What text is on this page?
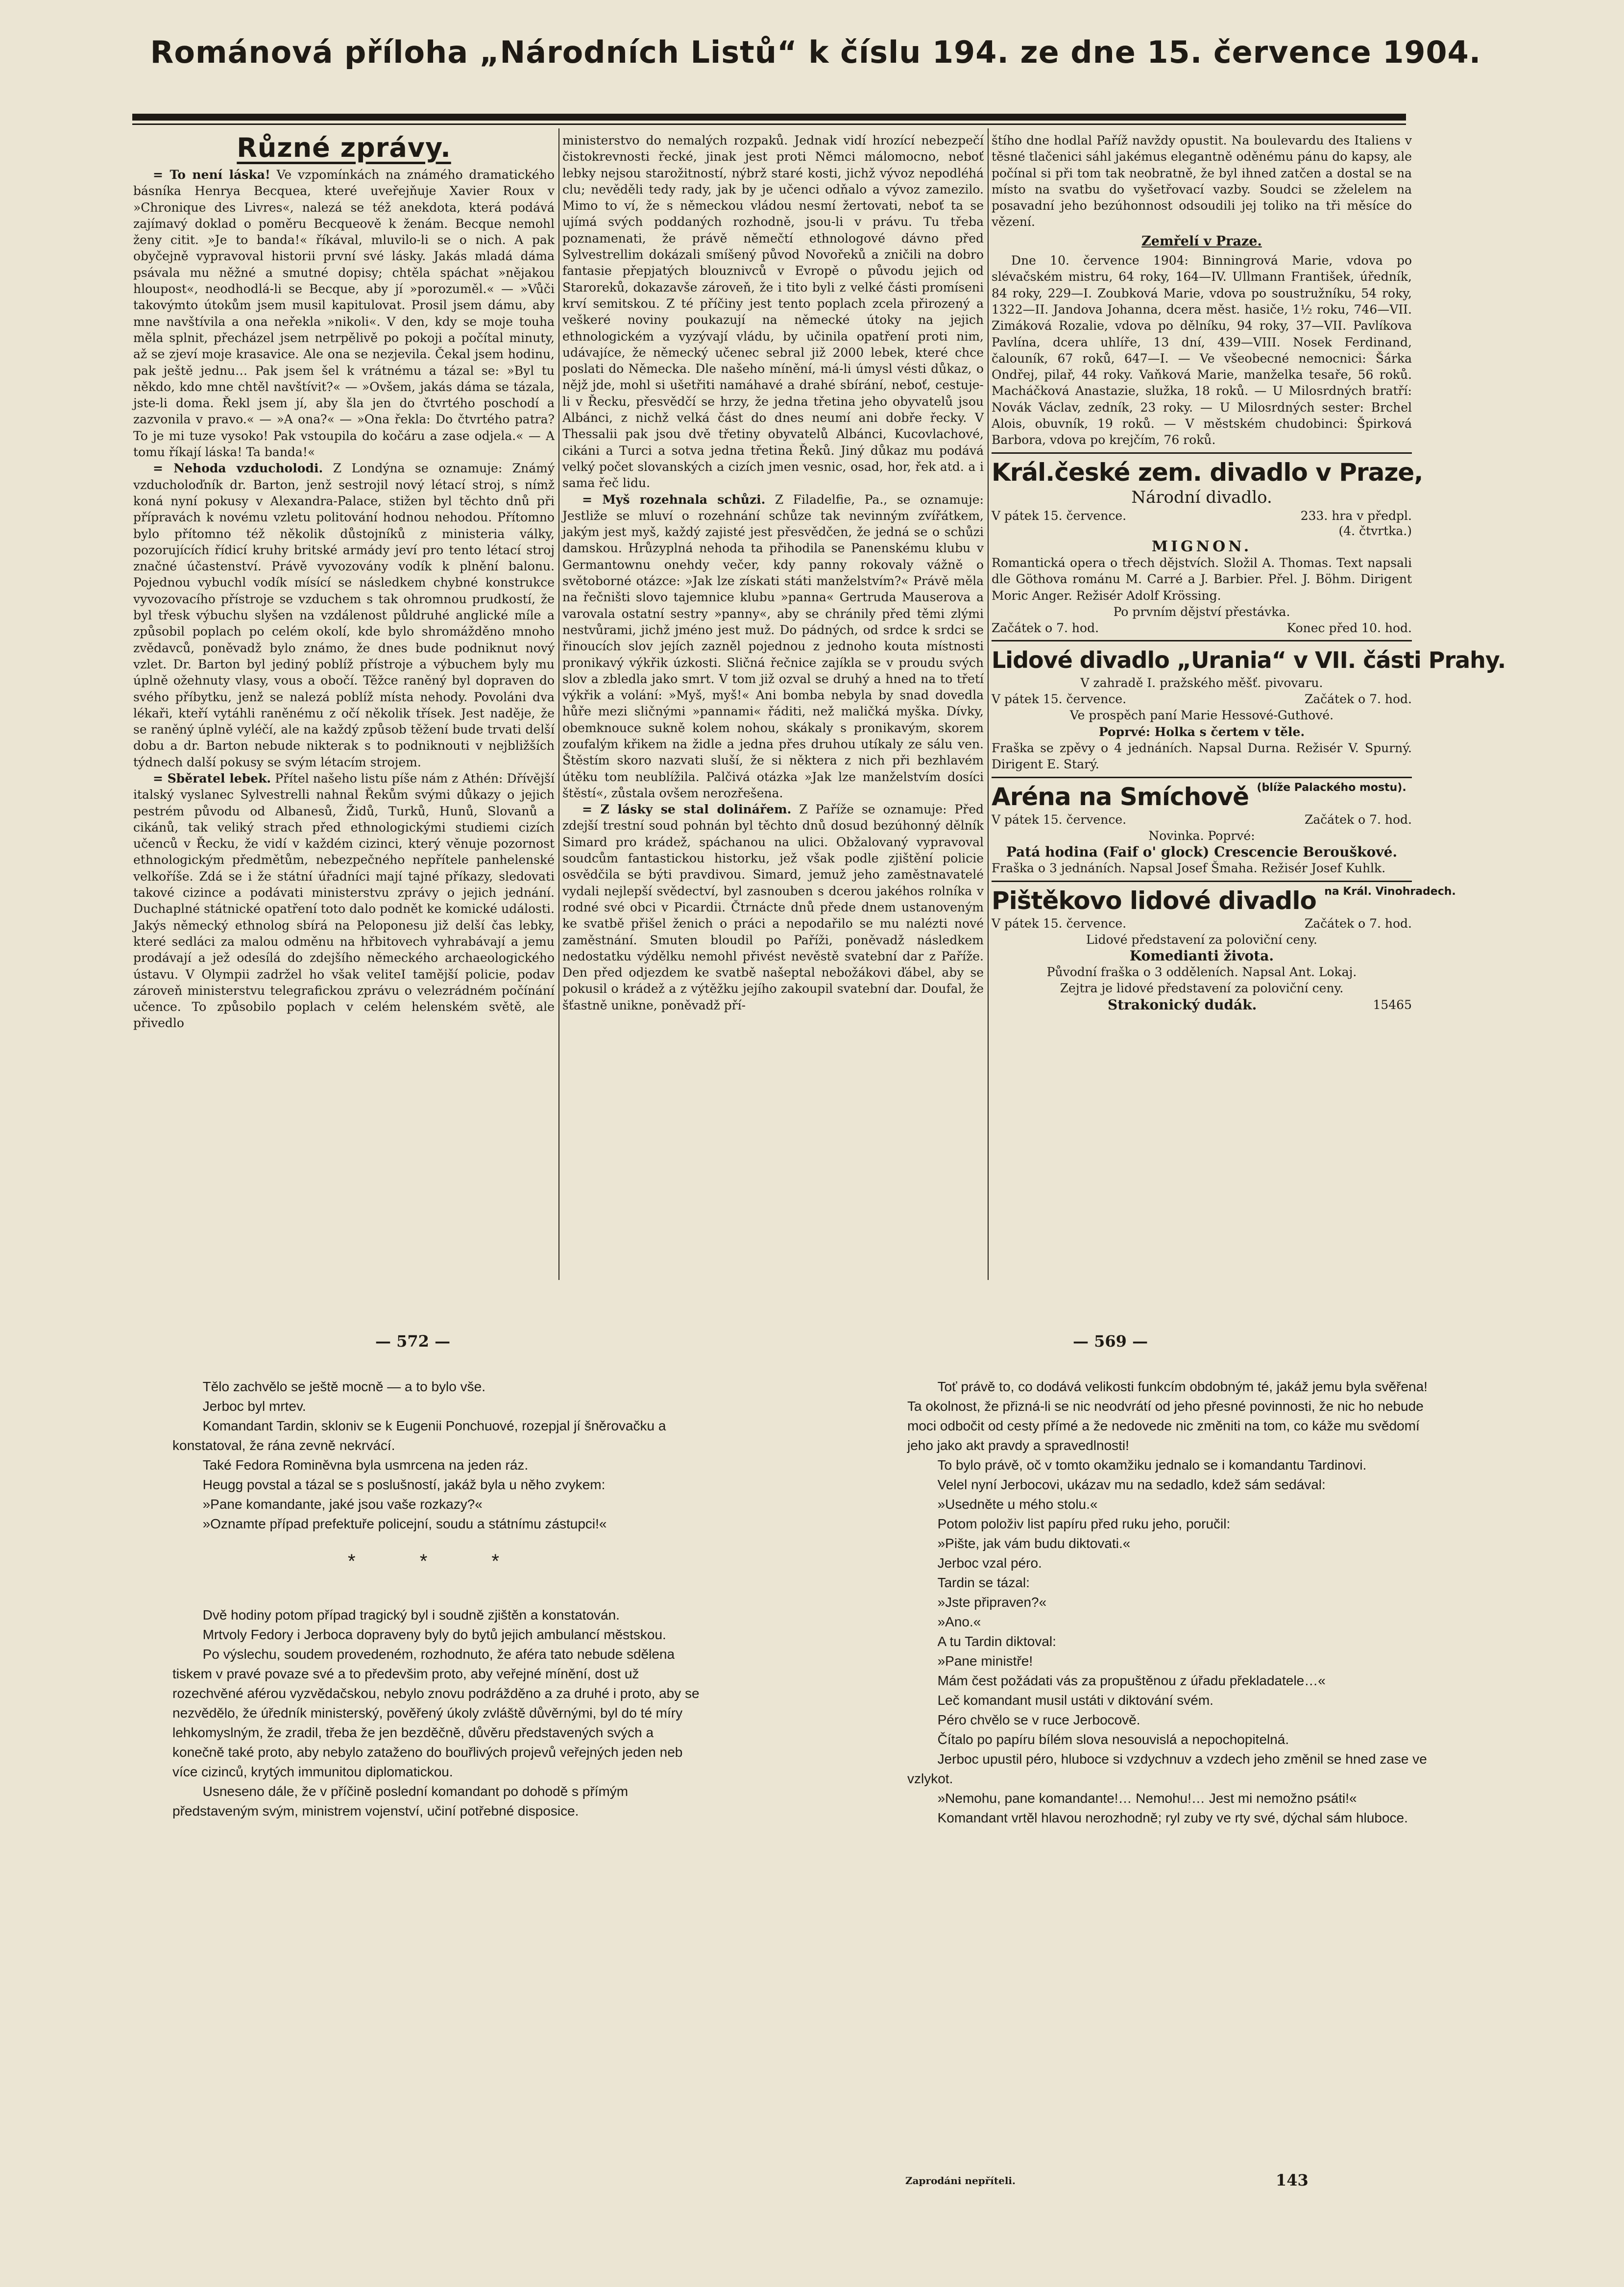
Románová příloha „Národních Listů“ k číslu 194. ze dne 15. července 1904.
Různé zprávy.

= To není láska! Ve vzpomínkách na známého dramatického básníka Henrya Becquea, které uveřejňuje Xavier Roux v »Chronique des Livres«, nalezá se též anekdota, která podává zajímavý doklad o poměru Becqueově k ženám. Becque nemohl ženy citit. »Je to banda!« říkával, mluvilo-li se o nich. A pak obyčejně vypravoval historii první své lásky. Jakás mladá dáma psávala mu něžné a smutné dopisy; chtěla spáchat »nějakou hloupost«, neodhodlá-li se Becque, aby jí »porozuměl.« — »Vůči takovýmto útokům jsem musil kapitulovat. Prosil jsem dámu, aby mne navštívila a ona neřekla »nikoli«. V den, kdy se moje touha měla splnit, přecházel jsem netrpělivě po pokoji a počítal minuty, až se zjeví moje krasavice. Ale ona se nezjevila. Čekal jsem hodinu, pak ještě jednu… Pak jsem šel k vrátnému a tázal se: »Byl tu někdo, kdo mne chtěl navštívit?« — »Ovšem, jakás dáma se tázala, jste-li doma. Řekl jsem jí, aby šla jen do čtvrtého poschodí a zazvonila v pravo.« — »A ona?« — »Ona řekla: Do čtvrtého patra? To je mi tuze vysoko! Pak vstoupila do kočáru a zase odjela.« — A tomu říkají láska! Ta banda!«

= Nehoda vzducholodi. Z Londýna se oznamuje: Známý vzducholoďník dr. Barton, jenž sestrojil nový létací stroj, s nímž koná nyní pokusy v Alexandra-Palace, stižen byl těchto dnů při přípravách k novému vzletu politování hodnou nehodou. Přítomno bylo přítomno též několik důstojníků z ministeria války, pozorujících řídicí kruhy britské armády jeví pro tento létací stroj značné účastenství. Právě vyvozovány vodík k plnění balonu. Pojednou vybuchl vodík mísící se následkem chybné konstrukce vyvozovacího přístroje se vzduchem s tak ohromnou prudkostí, že byl třesk výbuchu slyšen na vzdálenost půldruhé anglické míle a způsobil poplach po celém okolí, kde bylo shromážděno mnoho zvědavců, poněvadž bylo známo, že dnes bude podniknut nový vzlet. Dr. Barton byl jediný poblíž přístroje a výbuchem byly mu úplně ožehnuty vlasy, vous a obočí. Těžce raněný byl dopraven do svého příbytku, jenž se nalezá poblíž místa nehody. Povoláni dva lékaři, kteří vytáhli raněnému z očí několik třísek. Jest naděje, že se raněný úplně vyléčí, ale na každý způsob těžení bude trvati delší dobu a dr. Barton nebude nikterak s to podniknouti v nejbližších týdnech další pokusy se svým létacím strojem.

= Sběratel lebek. Přítel našeho listu píše nám z Athén: Dřívější italský vyslanec Sylvestrelli nahnal Řekům svými důkazy o jejich pestrém původu od Albanesů, Židů, Turků, Hunů, Slovanů a cikánů, tak veliký strach před ethnologickými studiemi cizích učenců v Řecku, že vidí v každém cizinci, který věnuje pozornost ethnologickým předmětům, nebezpečného nepřítele panhelenské velkoříše. Zdá se i že státní úřadníci mají tajné příkazy, sledovati takové cizince a podávati ministerstvu zprávy o jejich jednání. Duchaplné státnické opatření toto dalo podnět ke komické události. Jakýs německý ethnolog sbírá na Peloponesu již delší čas lebky, které sedláci za malou odměnu na hřbitovech vyhrabávají a jemu prodávají a jež odesílá do zdejšího německého archaeologického ústavu. V Olympii zadržel ho však veliteI tamější policie, podav zároveň ministerstvu telegrafickou zprávu o velezrádném počínání učence. To způsobilo poplach v celém helenském světě, ale přivedlo

ministerstvo do nemalých rozpaků. Jednak vidí hrozící nebezpečí čistokrevnosti řecké, jinak jest proti Němci málomocno, neboť lebky nejsou starožitností, nýbrž staré kosti, jichž vývoz nepodléhá clu; nevěděli tedy rady, jak by je učenci odňalo a vývoz zamezilo. Mimo to ví, že s německou vládou nesmí žertovati, neboť ta se ujímá svých poddaných rozhodně, jsou-li v právu. Tu třeba poznamenati, že právě němečtí ethnologové dávno před Sylvestrellim dokázali smíšený původ Novořeků a zničili na dobro fantasie přepjatých blouznivců v Evropě o původu jejich od Staroreků, dokazavše zároveň, že i tito byli z velké části promíseni krví semitskou. Z té příčiny jest tento poplach zcela přirozený a veškeré noviny poukazují na německé útoky na jejich ethnologickém a vyzývají vládu, by učinila opatření proti nim, udávajíce, že německý učenec sebral již 2000 lebek, které chce poslati do Německa. Dle našeho mínění, má-li úmysl vésti důkaz, o nějž jde, mohl si ušetřiti namáhavé a drahé sbírání, neboť, cestuje-li v Řecku, přesvědčí se hrzy, že jedna třetina jeho obyvatelů jsou Albánci, z nichž velká část do dnes neumí ani dobře řecky. V Thessalii pak jsou dvě třetiny obyvatelů Albánci, Kucovlachové, cikáni a Turci a sotva jedna třetina Řeků. Jiný důkaz mu podává velký počet slovanských a cizích jmen vesnic, osad, hor, řek atd. a i sama řeč lidu.

= Myš rozehnala schůzi. Z Filadelfie, Pa., se oznamuje: Jestliže se mluví o rozehnání schůze tak nevinným zvířátkem, jakým jest myš, každý zajisté jest přesvědčen, že jedná se o schůzi damskou. Hrůzyplná nehoda ta přihodila se Panenskému klubu v Germantownu onehdy večer, kdy panny rokovaly vážně o světoborné otázce: »Jak lze získati státi manželstvím?« Právě měla na řečništi slovo tajemnice klubu »panna« Gertruda Mauserova a varovala ostatní sestry »panny«, aby se chránily před těmi zlými nestvůrami, jichž jméno jest muž. Do pádných, od srdce k srdci se řinoucích slov jejích zazněl pojednou z jednoho kouta místnosti pronikavý výkřik úzkosti. Sličná řečnice zajíkla se v proudu svých slov a zbledla jako smrt. V tom již ozval se druhý a hned na to třetí výkřik a volání: »Myš, myš!« Ani bomba nebyla by snad dovedla hůře mezi sličnými »pannami« řáditi, než maličká myška. Dívky, obemknouce sukně kolem nohou, skákaly s pronikavým, skorem zoufalým křikem na židle a jedna přes druhou utíkaly ze sálu ven. Štěstím skoro nazvati sluší, že si některa z nich při bezhlavém útěku tom neublížila. Palčivá otázka »Jak lze manželstvím dosíci štěstí«, zůstala ovšem nerozřešena.

= Z lásky se stal dolinářem. Z Paříže se oznamuje: Před zdejší trestní soud pohnán byl těchto dnů dosud bezúhonný dělník Simard pro krádež, spáchanou na ulici. Obžalovaný vypravoval soudcům fantastickou historku, jež však podle zjištění policie osvědčila se býti pravdivou. Simard, jemuž jeho zaměstnavatelé vydali nejlepší svědectví, byl zasnouben s dcerou jakéhos rolníka v rodné své obci v Picardii. Čtrnácte dnů přede dnem ustanoveným ke svatbě přišel ženich o práci a nepodařilo se mu nalézti nové zaměstnání. Smuten bloudil po Paříži, poněvadž následkem nedostatku výdělku nemohl přivést nevěstě svatební dar z Paříže. Den před odjezdem ke svatbě našeptal nebožákovi ďábel, aby se pokusil o krádež a z výtěžku jejího zakoupil svatební dar. Doufal, že šťastně unikne, poněvadž pří-

štího dne hodlal Paříž navždy opustit. Na boulevardu des Italiens v těsné tlačenici sáhl jakémus elegantně oděnému pánu do kapsy, ale počínal si při tom tak neobratně, že byl ihned zatčen a dostal se na místo na svatbu do vyšetřovací vazby. Soudci se zželelem na posavadní jeho bezúhonnost odsoudili jej toliko na tři měsíce do vězení.

Zemřelí v Praze.

Dne 10. července 1904: Binningrová Marie, vdova po slévačském mistru, 64 roky, 164—IV. Ullmann František, úředník, 84 roky, 229—I. Zoubková Marie, vdova po soustružníku, 54 roky, 1322—II. Jandova Johanna, dcera měst. hasiče, 1½ roku, 746—VII. Zimáková Rozalie, vdova po dělníku, 94 roky, 37—VII. Pavlíkova Pavlína, dcera uhlíře, 13 dní, 439—VIII. Nosek Ferdinand, čalouník, 67 roků, 647—I. — Ve všeobecné nemocnici: Šárka Ondřej, pilař, 44 roky. Vaňková Marie, manželka tesaře, 56 roků. Macháčková Anastazie, služka, 18 roků. — U Milosrdných bratří: Novák Václav, zedník, 23 roky. — U Milosrdných sester: Brchel Alois, obuvník, 19 roků. — V městském chudobinci: Špirková Barbora, vdova po krejčím, 76 roků.

Král.české zem. divadlo v Praze,
Národní divadlo.
V pátek 15. července.	233. hra v předpl.
(4. čtvrtka.)
MIGNON.

Romantická opera o třech dějstvích. Složil A. Thomas. Text napsali dle Göthova románu M. Carré a J. Barbier. Přel. J. Böhm. Dirigent Moric Anger. Režisér Adolf Krössing.

Po prvním dějství přestávka.
Začátek o 7. hod.	Konec před 10. hod.
Lidové divadlo „Urania“ v VII. části Prahy.
V zahradě I. pražského měšť. pivovaru.
V pátek 15. července.	Začátek o 7. hod.
Ve prospěch paní Marie Hessové-Guthové.
Poprvé: Holka s čertem v těle.

Fraška se zpěvy o 4 jednáních. Napsal Durna. Režisér V. Spurný. Dirigent E. Starý.

Aréna na Smíchově (blíže Palackého mostu).
V pátek 15. července.	Začátek o 7. hod.
Novinka. Poprvé:
Patá hodina (Faif o' glock) Crescencie Berouškové.

Fraška o 3 jednáních. Napsal Josef Šmaha. Režisér Josef Kuhlk.

Pištěkovo lidové divadlo na Král. Vinohradech.
V pátek 15. července.	Začátek o 7. hod.
Lidové představení za poloviční ceny.
Komedianti života.
Původní fraška o 3 odděleních. Napsal Ant. Lokaj.
Zejtra je lidové představení za poloviční ceny.
Strakonický dudák.	15465
— 572 —	— 569 —

Tělo zachvělo se ještě mocně — a to bylo vše.

Jerboc byl mrtev.

Komandant Tardin, skloniv se k Eugenii Ponchuové, rozepjal jí šněrovačku a konstatoval, že rána zevně nekrvácí.

Také Fedora Rominěvna byla usmrcena na jeden ráz.

Heugg povstal a tázal se s poslušností, jakáž byla u něho zvykem:

»Pane komandante, jaké jsou vaše rozkazy?«

»Oznamte případ prefektuře policejní, soudu a státnímu zástupci!«

* * *

Dvě hodiny potom případ tragický byl i soudně zjištěn a konstatován.

Mrtvoly Fedory i Jerboca dopraveny byly do bytů jejich ambulancí městskou.

Po výslechu, soudem provedeném, rozhodnuto, že aféra tato nebude sdělena tiskem v pravé povaze své a to předevšim proto, aby veřejné mínění, dost už rozechvěné aférou vyzvědačskou, nebylo znovu podrážděno a za druhé i proto, aby se nezvědělo, že úředník ministerský, pověřený úkoly zvláště důvěrnými, byl do té míry lehkomyslným, že zradil, třeba že jen bezděčně, důvěru představených svých a konečně také proto, aby nebylo zataženo do bouřlivých projevů veřejných jeden neb více cizinců, krytých immunitou diplomatickou.

Usneseno dále, že v příčině poslední komandant po dohodě s přímým představeným svým, ministrem vojenství, učiní potřebné disposice.

Toť právě to, co dodává velikosti funkcím obdobným té, jakáž jemu byla svěřena! Ta okolnost, že přizná-li se nic neodvrátí od jeho přesné povinnosti, že nic ho nebude moci odbočit od cesty přímé a že nedovede nic změniti na tom, co káže mu svědomí jeho jako akt pravdy a spravedlnosti!

To bylo právě, oč v tomto okamžiku jednalo se i komandantu Tardinovi.

Velel nyní Jerbocovi, ukázav mu na sedadlo, kdež sám sedával:

»Usedněte u mého stolu.«

Potom položiv list papíru před ruku jeho, poručil:

»Pište, jak vám budu diktovati.«

Jerboc vzal péro.

Tardin se tázal:

»Jste připraven?«

»Ano.«

A tu Tardin diktoval:

»Pane ministře!

Mám čest požádati vás za propuštěnou z úřadu překladatele…«

Leč komandant musil ustáti v diktování svém.

Péro chvělo se v ruce Jerbocově.

Čítalo po papíru bílém slova nesouvislá a nepochopitelná.

Jerboc upustil péro, hluboce si vzdychnuv a vzdech jeho změnil se hned zase ve vzlykot.

»Nemohu, pane komandante!… Nemohu!… Jest mi nemožno psáti!«

Komandant vrtěl hlavou nerozhodně; ryl zuby ve rty své, dýchal sám hluboce.

Zaprodáni nepříteli.	143
